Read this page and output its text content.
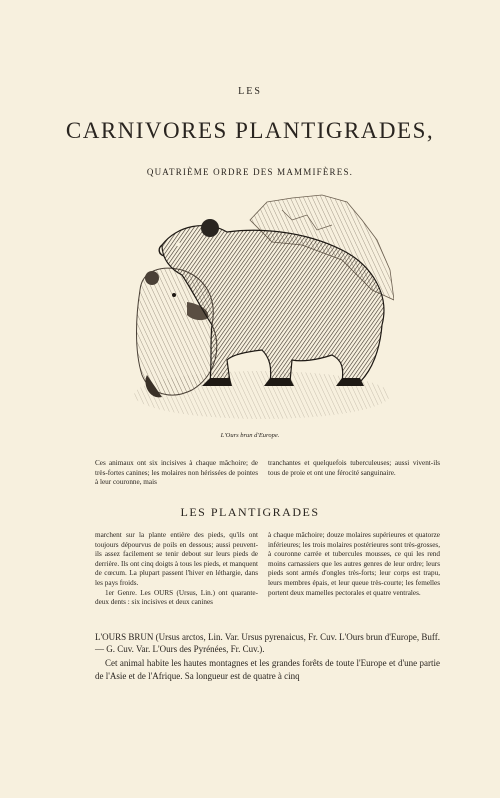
LES
CARNIVORES PLANTIGRADES,
QUATRIÈME ORDRE DES MAMMIFÈRES.
L'Ours brun d'Europe.
Ces animaux ont six incisives à chaque mâchoire; de très-fortes canines; les molaires non hérissées de pointes à leur couronne, mais
tranchantes et quelquefois tuberculeuses; aussi vivent-ils tous de proie et ont une férocité sanguinaire.
LES PLANTIGRADES
marchent sur la plante entière des pieds, qu'ils ont toujours dépourvus de poils en dessous; aussi peuvent-ils assez facilement se tenir debout sur leurs pieds de derrière. Ils ont cinq doigts à tous les pieds, et manquent de cœcum. La plupart passent l'hiver en léthargie, dans les pays froids.
1er Genre. Les OURS (Ursus, Lin.) ont quarante-deux dents : six incisives et deux canines
à chaque mâchoire; douze molaires supérieures et quatorze inférieures; les trois molaires postérieures sont très-grosses, à couronne carrée et tubercules mousses, ce qui les rend moins carnassiers que les autres genres de leur ordre; leurs pieds sont armés d'ongles très-forts; leur corps est trapu, leurs membres épais, et leur queue très-courte; les femelles portent deux mamelles pectorales et quatre ventrales.
L'OURS BRUN (Ursus arctos, Lin. Var. Ursus pyrenaicus, Fr. Cuv. L'Ours brun d'Europe, Buff. — G. Cuv. Var. L'Ours des Pyrénées, Fr. Cuv.).
Cet animal habite les hautes montagnes et les grandes forêts de toute l'Europe et d'une partie de l'Asie et de l'Afrique. Sa longueur est de quatre à cinq
